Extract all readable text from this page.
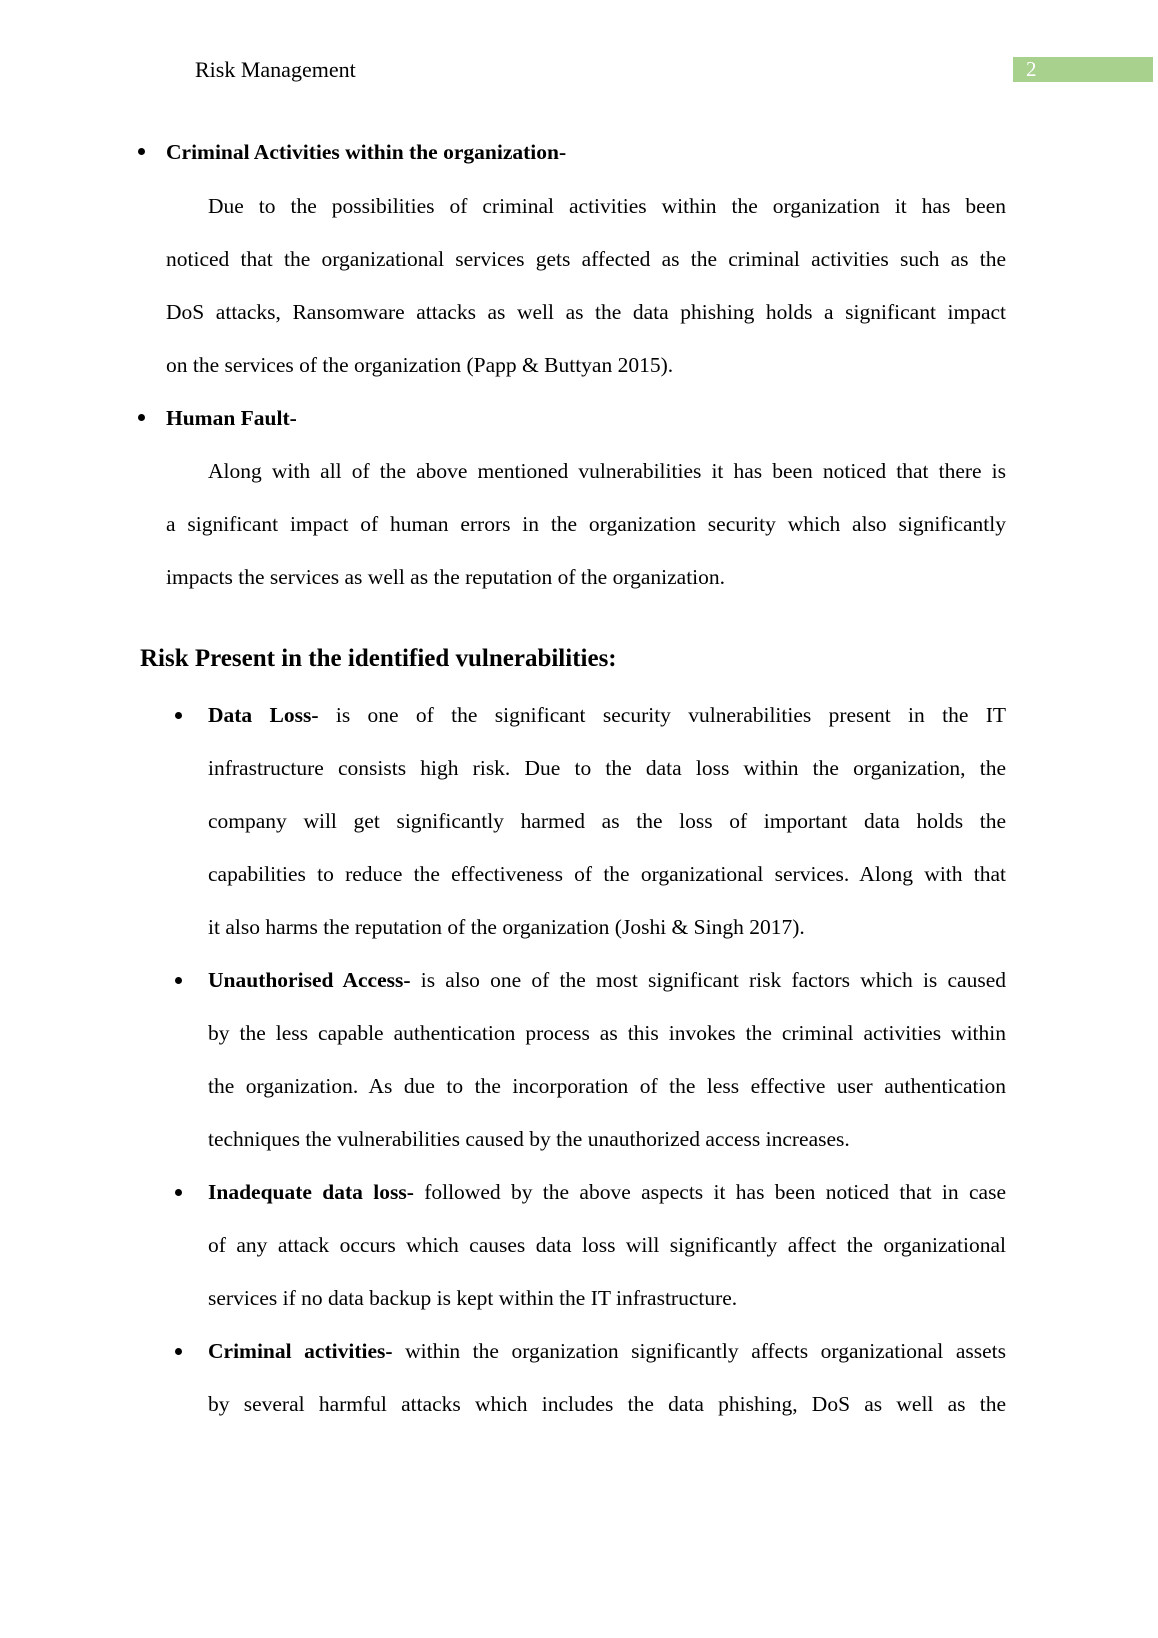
Risk Management	2
Criminal Activities within the organization-
Due to the possibilities of criminal activities within the organization it has been
noticed that the organizational services gets affected as the criminal activities such as the
DoS attacks, Ransomware attacks as well as the data phishing holds a significant impact
on the services of the organization (Papp & Buttyan 2015).
Human Fault-
Along with all of the above mentioned vulnerabilities it has been noticed that there is
a significant impact of human errors in the organization security which also significantly
impacts the services as well as the reputation of the organization.
Risk Present in the identified vulnerabilities:
Data Loss- is one of the significant security vulnerabilities present in the IT
infrastructure consists high risk. Due to the data loss within the organization, the
company will get significantly harmed as the loss of important data holds the
capabilities to reduce the effectiveness of the organizational services. Along with that
it also harms the reputation of the organization (Joshi & Singh 2017).
Unauthorised Access- is also one of the most significant risk factors which is caused
by the less capable authentication process as this invokes the criminal activities within
the organization. As due to the incorporation of the less effective user authentication
techniques the vulnerabilities caused by the unauthorized access increases.
Inadequate data loss- followed by the above aspects it has been noticed that in case
of any attack occurs which causes data loss will significantly affect the organizational
services if no data backup is kept within the IT infrastructure.
Criminal activities- within the organization significantly affects organizational assets
by several harmful attacks which includes the data phishing, DoS as well as the
